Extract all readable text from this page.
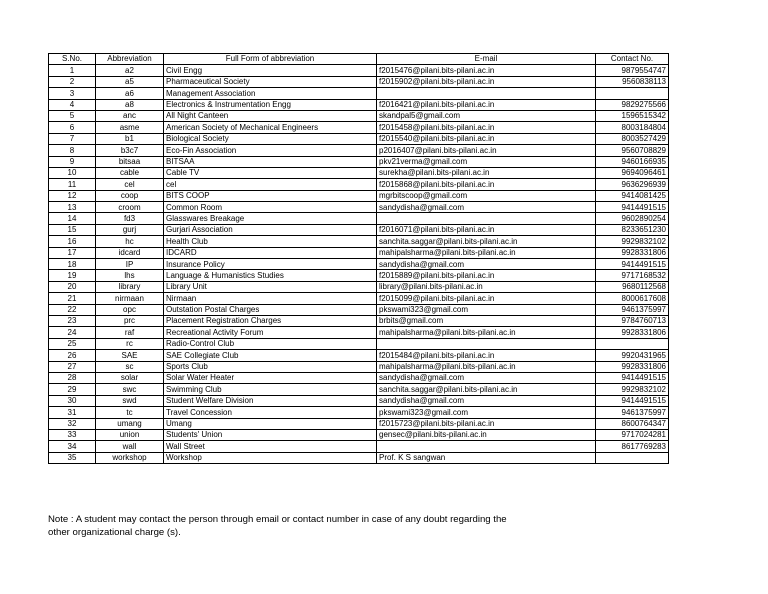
S.No.	Abbreviation	Full Form of abbreviation	E-mail	Contact No.
1	a2	Civil Engg	f2015476@pilani.bits-pilani.ac.in	9879554747
2	a5	Pharmaceutical Society	f2015902@pilani.bits-pilani.ac.in	9560838113
3	a6	Management Association		
4	a8	Electronics & Instrumentation Engg	f2016421@pilani.bits-pilani.ac.in	9829275566
5	anc	All Night Canteen	skandpal5@gmail.com	1596515342
6	asme	American Society of Mechanical Engineers	f2015458@pilani.bits-pilani.ac.in	8003184804
7	b1	Biological Society	f2015540@pilani.bits-pilani.ac.in	8003527429
8	b3c7	Eco-Fin Association	p2016407@pilani.bits-pilani.ac.in	9560708829
9	bitsaa	BITSAA	pkv21verma@gmail.com	9460166935
10	cable	Cable TV	surekha@pilani.bits-pilani.ac.in	9694096461
11	cel	cel	f2015868@pilani.bits-pilani.ac.in	9636296939
12	coop	BITS COOP	mgrbitscoop@gmail.com	9414081425
13	croom	Common Room	sandydisha@gmail.com	9414491515
14	fd3	Glasswares Breakage		9602890254
15	gurj	Gurjari Association	f2016071@pilani.bits-pilani.ac.in	8233651230
16	hc	Health Club	sanchita.saggar@pilani.bits-pilani.ac.in	9929832102
17	idcard	IDCARD	mahipalsharma@pilani.bits-pilani.ac.in	9928331806
18	IP	Insurance Policy	sandydisha@gmail.com	9414491515
19	lhs	Language & Humanistics Studies	f2015889@pilani.bits-pilani.ac.in	9717168532
20	library	Library Unit	library@pilani.bits-pilani.ac.in	9680112568
21	nirmaan	Nirmaan	f2015099@pilani.bits-pilani.ac.in	8000617608
22	opc	Outstation Postal Charges	pkswami323@gmail.com	9461375997
23	prc	Placement Registration Charges	brbits@gmail.com	9784760713
24	raf	Recreational Activity Forum	mahipalsharma@pilani.bits-pilani.ac.in	9928331806
25	rc	Radio-Control Club		
26	SAE	SAE Collegiate Club	f2015484@pilani.bits-pilani.ac.in	9920431965
27	sc	Sports Club	mahipalsharma@pilani.bits-pilani.ac.in	9928331806
28	solar	Solar Water Heater	sandydisha@gmail.com	9414491515
29	swc	Swimming Club	sanchita.saggar@pilani.bits-pilani.ac.in	9929832102
30	swd	Student Welfare Division	sandydisha@gmail.com	9414491515
31	tc	Travel Concession	pkswami323@gmail.com	9461375997
32	umang	Umang	f2015723@pilani.bits-pilani.ac.in	8600764347
33	union	Students' Union	gensec@pilani.bits-pilani.ac.in	9717024281
34	wall	Wall Street		8617769283
35	workshop	Workshop	Prof. K S sangwan	
Note : A student may contact the person through email or contact number in case of any doubt regarding the
other organizational charge (s).
